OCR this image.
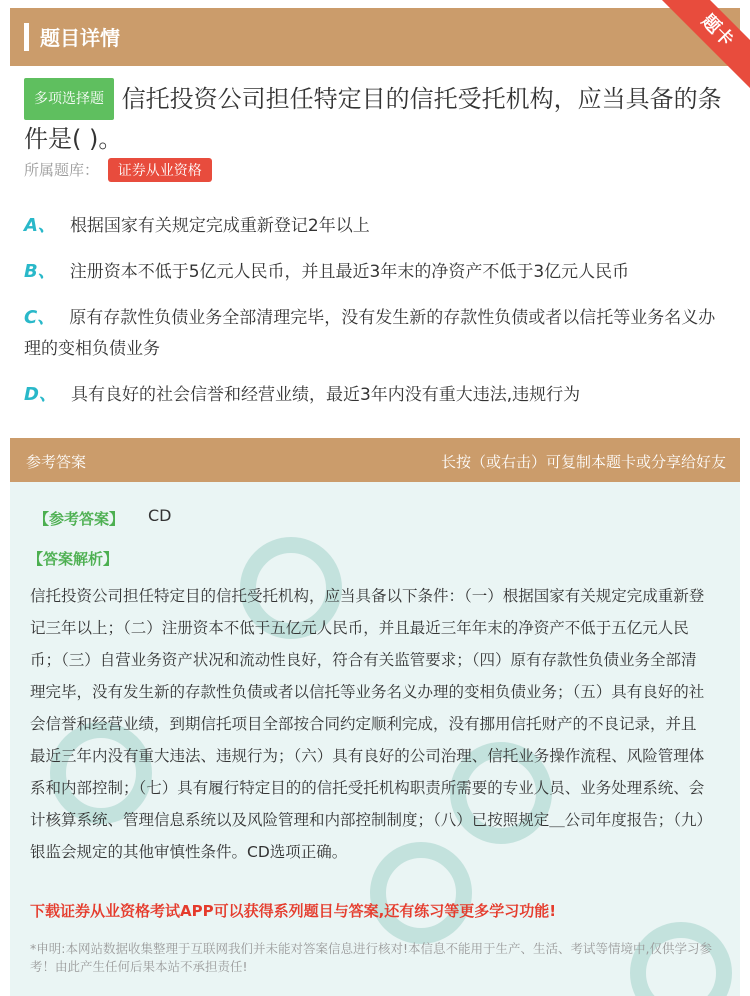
题目详情	题卡
多项选择题 信托投资公司担任特定目的信托受托机构，应当具备的条件是( )。
所属题库： 证券从业资格
A、 根据国家有关规定完成重新登记2年以上
B、 注册资本不低于5亿元人民币，并且最近3年末的净资产不低于3亿元人民币
C、 原有存款性负债业务全部清理完毕，没有发生新的存款性负债或者以信托等业务名义办理的变相负债业务
D、 具有良好的社会信誉和经营业绩，最近3年内没有重大违法,违规行为
参考答案	长按（或右击）可复制本题卡或分享给好友
【参考答案】 CD
【答案解析】
信托投资公司担任特定目的信托受托机构，应当具备以下条件：（一）根据国家有关规定完成重新登记三年以上；（二）注册资本不低于五亿元人民币，并且最近三年年末的净资产不低于五亿元人民币；（三）自营业务资产状况和流动性良好，符合有关监管要求；（四）原有存款性负债业务全部清理完毕，没有发生新的存款性负债或者以信托等业务名义办理的变相负债业务；（五）具有良好的社会信誉和经营业绩，到期信托项目全部按合同约定顺利完成，没有挪用信托财产的不良记录，并且最近三年内没有重大违法、违规行为；（六）具有良好的公司治理、信托业务操作流程、风险管理体系和内部控制；（七）具有履行特定目的的信托受托机构职责所需要的专业人员、业务处理系统、会计核算系统、管理信息系统以及风险管理和内部控制制度；（八）已按照规定＿公司年度报告；（九）银监会规定的其他审慎性条件。CD选项正确。
下载证券从业资格考试APP可以获得系列题目与答案,还有练习等更多学习功能!
*申明:本网站数据收集整理于互联网我们并未能对答案信息进行核对!本信息不能用于生产、生活、考试等情境中,仅供学习参考！由此产生任何后果本站不承担责任!
